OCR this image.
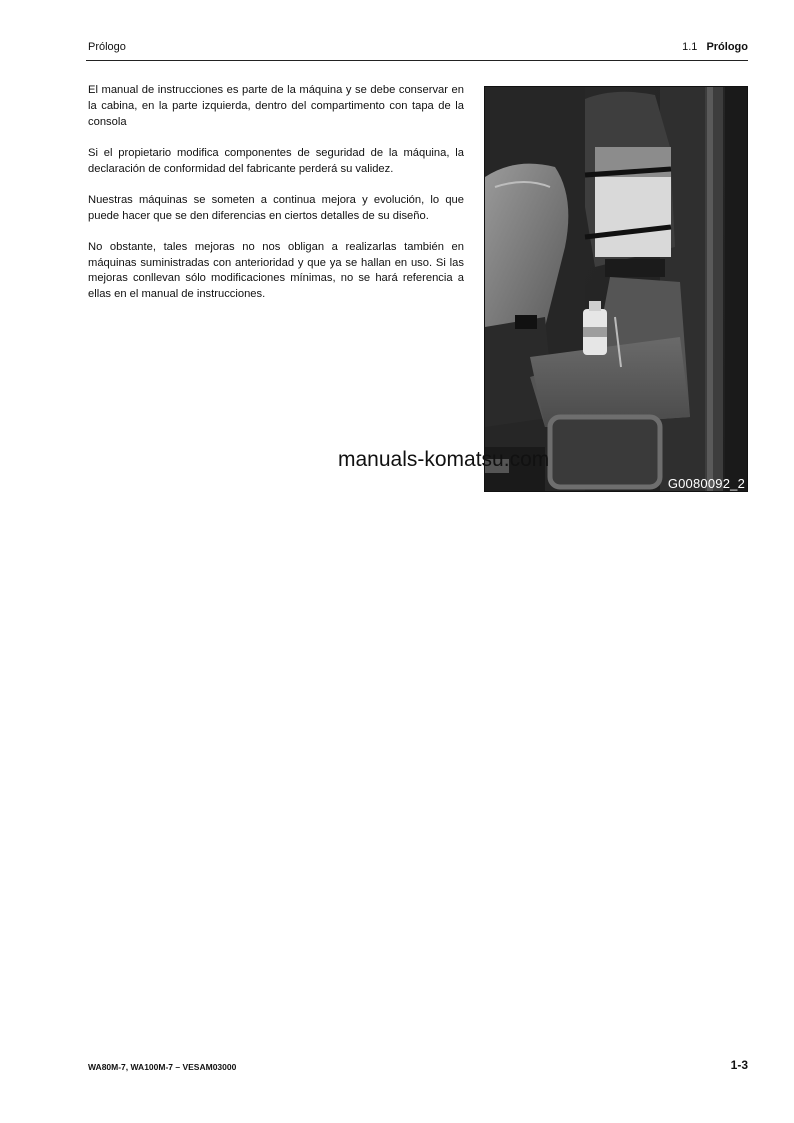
Prólogo	1.1 Prólogo

El manual de instrucciones es parte de la máquina y se debe conservar en la cabina, en la parte izquierda, dentro del compartimento con tapa de la consola

Si el propietario modifica componentes de seguridad de la máquina, la declaración de conformidad del fabricante perderá su validez.

Nuestras máquinas se someten a continua mejora y evolución, lo que puede hacer que se den diferencias en ciertos detalles de su diseño.

No obstante, tales mejoras no nos obligan a realizarlas también en máquinas suministradas con anterioridad y que ya se hallan en uso. Si las mejoras conllevan sólo modificaciones mínimas, no se hará referencia a ellas en el manual de instrucciones.

G0080092_2
manuals-komatsu.com
WA80M-7, WA100M-7 – VESAM03000	1-3
